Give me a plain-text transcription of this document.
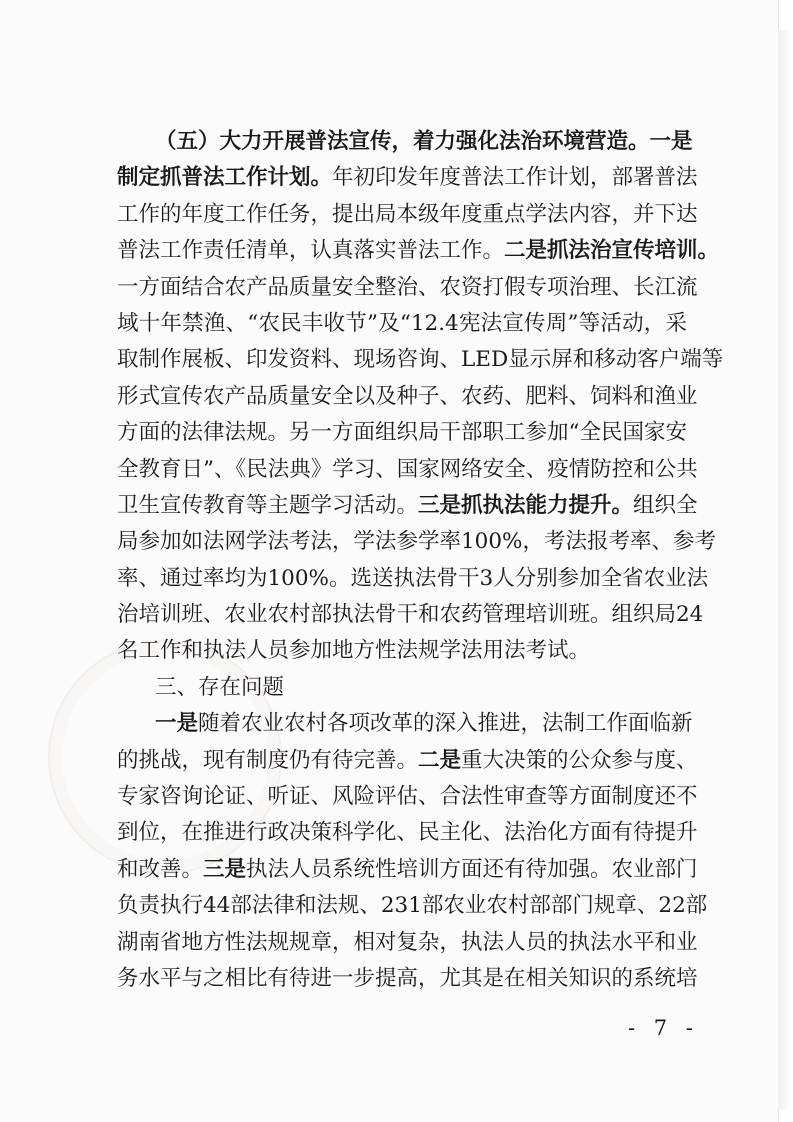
（五）大力开展普法宣传，着力强化法治环境营造。一是
制定抓普法工作计划。年初印发年度普法工作计划，部署普法
工作的年度工作任务，提出局本级年度重点学法内容，并下达
普法工作责任清单，认真落实普法工作。二是抓法治宣传培训。
一方面结合农产品质量安全整治、农资打假专项治理、长江流
域十年禁渔、“农民丰收节”及“12.4宪法宣传周”等活动，采
取制作展板、印发资料、现场咨询、LED显示屏和移动客户端等
形式宣传农产品质量安全以及种子、农药、肥料、饲料和渔业
方面的法律法规。另一方面组织局干部职工参加“全民国家安
全教育日”、《民法典》学习、国家网络安全、疫情防控和公共
卫生宣传教育等主题学习活动。三是抓执法能力提升。组织全
局参加如法网学法考法，学法参学率100%，考法报考率、参考
率、通过率均为100%。选送执法骨干3人分别参加全省农业法
治培训班、农业农村部执法骨干和农药管理培训班。组织局24
名工作和执法人员参加地方性法规学法用法考试。
三、存在问题
一是随着农业农村各项改革的深入推进，法制工作面临新
的挑战，现有制度仍有待完善。二是重大决策的公众参与度、
专家咨询论证、听证、风险评估、合法性审查等方面制度还不
到位，在推进行政决策科学化、民主化、法治化方面有待提升
和改善。三是执法人员系统性培训方面还有待加强。农业部门
负责执行44部法律和法规、231部农业农村部部门规章、22部
湖南省地方性法规规章，相对复杂，执法人员的执法水平和业
务水平与之相比有待进一步提高，尤其是在相关知识的系统培
- 7 -
